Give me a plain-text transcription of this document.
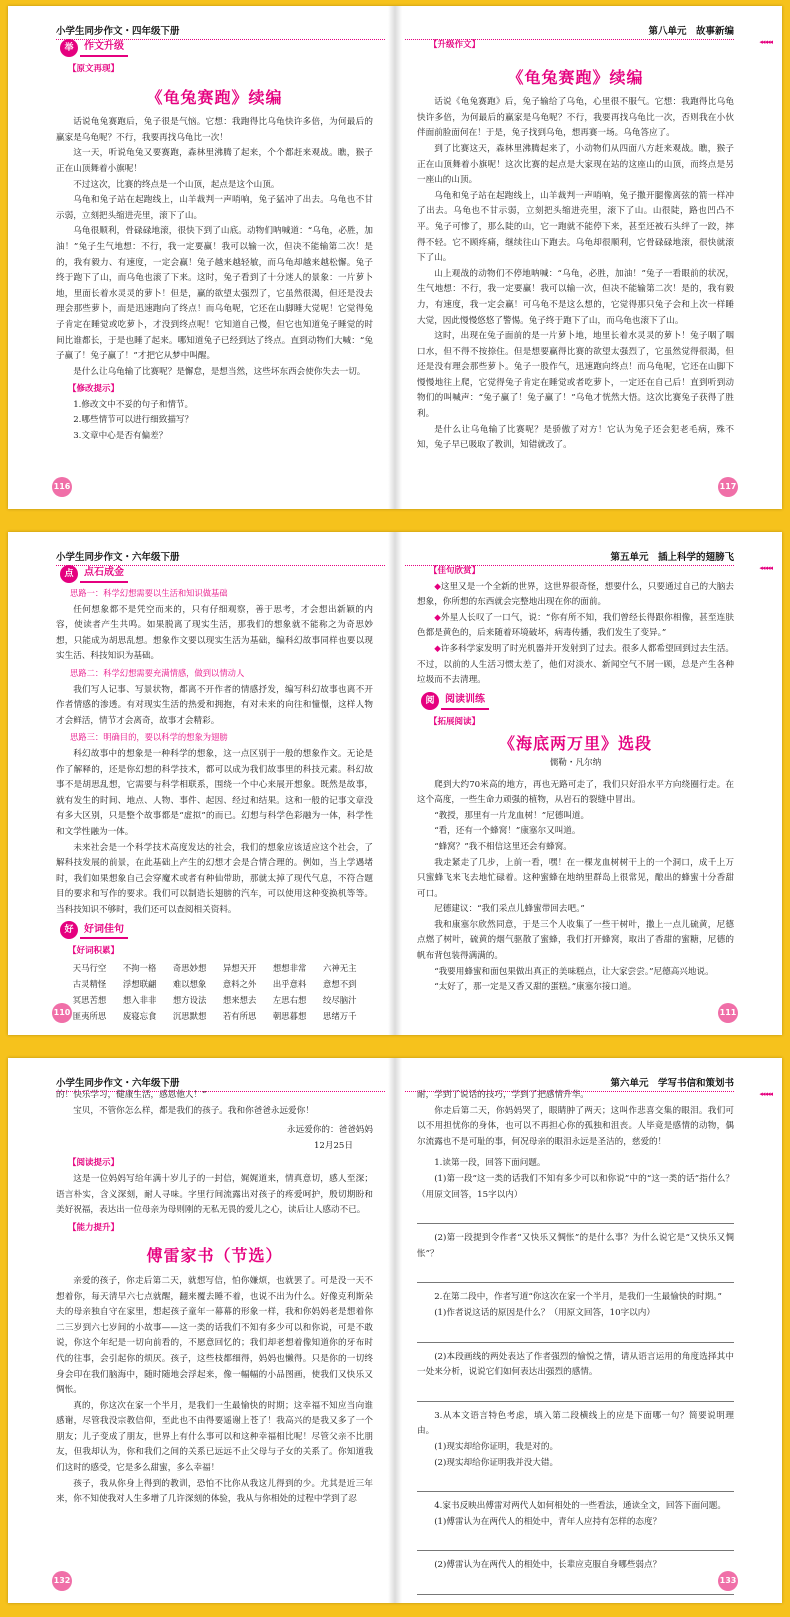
小学生同步作文・四年级下册
举	作文升级
【 原文再现 】
《龟兔赛跑》续编

话说龟兔赛跑后，兔子很是气恼。它想：我跑得比乌龟快许多倍，为何最后的赢家是乌龟呢？不行，我要再找乌龟比一次！

这一天，听说龟兔又要赛跑，森林里沸腾了起来，个个都赶来观战。瞧，猴子正在山顶舞着小旗呢！

不过这次，比赛的终点是一个山顶，起点是这个山顶。

乌龟和兔子站在起跑线上，山羊裁判一声哨响，兔子猛冲了出去。乌龟也不甘示弱，立刻把头缩进壳里，滚下了山。

乌龟很顺利，骨碌碌地滚，很快下到了山底。动物们呐喊道：“乌龟，必胜，加油！”兔子生气地想：不行，我一定要赢！我可以输一次，但决不能输第二次！是的，我有毅力、有速度，一定会赢！兔子越来越轻敏，而乌龟却越来越松懈。兔子终于跑下了山，而乌龟也滚了下来。这时，兔子看到了十分迷人的景象：一片萝卜地，里面长着水灵灵的萝卜！但是，赢的欲望太强烈了，它虽然很渴，但还是没去理会那些萝卜，而是迅速跑向了终点！而乌龟呢，它还在山脚睡大觉呢！它觉得兔子肯定在睡觉或吃萝卜，才没到终点呢！它知道自己慢，但它也知道兔子睡觉的时间比谁都长，于是也睡了起来。哪知道兔子已经到达了终点。直到动物们大喊：“兔子赢了！兔子赢了！”才把它从梦中叫醒。

是什么让乌龟输了比赛呢？是懈怠，是想当然，这些坏东西会使你失去一切。

【 修改提示 】
1.修改文中不妥的句子和情节。
2.哪些情节可以进行细致描写？
3.文章中心是否有偏差？
116
第八单元　故事新编
◂◂◂◂◂
【 升级作文 】
《龟兔赛跑》续编

话说《龟兔赛跑》后，兔子输给了乌龟，心里很不服气。它想：我跑得比乌龟快许多倍，为何最后的赢家是乌龟呢？不行，我要再找乌龟比一次，否则我在小伙伴面前脸面何在！于是，兔子找到乌龟，想再赛一场。乌龟答应了。

到了比赛这天，森林里沸腾起来了，小动物们从四面八方赶来观战。瞧，猴子正在山顶舞着小旗呢！这次比赛的起点是大家现在站的这座山的山顶，而终点是另一座山的山顶。

乌龟和兔子站在起跑线上，山羊裁判一声哨响，兔子撒开腿像离弦的箭一样冲了出去。乌龟也不甘示弱，立刻把头缩进壳里，滚下了山。山很陡，路也凹凸不平。兔子可惨了，那么陡的山，它一跑就不能停下来，甚至还被石头绊了一跤，摔得不轻。它不顾疼痛，继续往山下跑去。乌龟却很顺利，它骨碌碌地滚，很快就滚下了山。

山上观战的动物们不停地呐喊：“乌龟，必胜，加油！”兔子一看眼前的状况，生气地想：不行，我一定要赢！我可以输一次，但决不能输第二次！是的，我有毅力，有速度，我一定会赢！可乌龟不是这么想的，它觉得那只兔子会和上次一样睡大觉，因此慢慢悠悠了警惕。兔子终于跑下了山，而乌龟也滚下了山。

这时，出现在兔子面前的是一片萝卜地，地里长着水灵灵的萝卜！兔子咽了咽口水，但不得不按捺住。但是想要赢得比赛的欲望太强烈了，它虽然觉得很渴，但还是没有理会那些萝卜。兔子一股作气，迅速跑向终点！而乌龟呢，它还在山脚下慢慢地往上爬，它觉得兔子肯定在睡觉或者吃萝卜，一定还在自己后！直到听到动物们的叫喊声：“兔子赢了！兔子赢了！”乌龟才恍然大悟。这次比赛兔子获得了胜利。

是什么让乌龟输了比赛呢？是骄傲了对方！它认为兔子还会犯老毛病，殊不知，兔子早已吸取了教训，知错就改了。

117
小学生同步作文・六年级下册
点	点石成金
思路一：科学幻想需要以生活和知识做基础

任何想象都不是凭空而来的，只有仔细观察，善于思考，才会想出新颖的内容，使读者产生共鸣。如果脱离了现实生活，那我们的想象就不能称之为奇思妙想，只能成为胡思乱想。想象作文要以现实生活为基础，编科幻故事同样也要以现实生活、科技知识为基础。

思路二：科学幻想需要充满情感，做到以情动人

我们写人记事、写景状物，都离不开作者的情感抒发，编写科幻故事也离不开作者情感的渗透。有对现实生活的热爱和拥抱，有对未来的向往和憧憬，这样人物才会鲜活，情节才会离奇，故事才会精彩。

思路三：明确目的，要以科学的想象为翅膀

科幻故事中的想象是一种科学的想象，这一点区别于一般的想象作文。无论是作了解释的，还是你幻想的科学技术，都可以成为我们故事里的科技元素。科幻故事不是胡思乱想，它需要与科学相联系，围绕一个中心来展开想象。既然是故事，就有发生的时间、地点、人物、事件、起因、经过和结果。这和一般的记事文章没有多大区别，只是整个故事都是“虚拟”的而已。幻想与科学色彩融为一体，科学性和文学性融为一体。

未来社会是一个科学技术高度发达的社会，我们的想象应该适应这个社会，了解科技发展的前景，在此基础上产生的幻想才会是合情合理的。例如，当上学遇堵时，我们如果想象自己会穿魔术或者有种仙带助，那就太掉了现代气息，不符合题目的要求和写作的要求。我们可以制造长翅膀的汽车，可以使用这种变换机等等。当科技知识不够时，我们还可以查阅相关资料。

好	好词佳句
【 好词积累 】
天马行空	不拘一格	奇思妙想	异想天开	想想非常	六神无主
古灵精怪	浮想联翩	难以想象	意料之外	出乎意料	意想不到
冥思苦想	想入非非	想方设法	想来想去	左思右想	绞尽脑汁
匪夷所思	废寝忘食	沉思默想	若有所思	朝思暮想	思绪万千
110
第五单元　插上科学的翅膀飞
◂◂◂◂◂
【 佳句欣赏 】

◆这里又是一个全新的世界，这世界很奇怪，想要什么，只要通过自己的大脑去想象，你所想的东西就会完整地出现在你的面前。

◆外星人长叹了一口气，说：“你有所不知，我们曾经长得跟你相像，甚至连肤色都是黄色的，后来随着环境破坏，病毒传播，我们发生了变异。”

◆许多科学家发明了时光机器并开发射到了过去。很多人都希望回到过去生活。不过，以前的人生活习惯太差了，他们对淡水、新闻空气不屑一顾，总是产生各种垃圾而不去清理。

阅	阅读训练
【 拓展阅读 】
《海底两万里》选段
儒勒・凡尔纳

爬到大约70米高的地方，再也无路可走了，我们只好沿水平方向绕圈行走。在这个高度，一些生命力顽强的植物，从岩石的裂缝中冒出。

“教授，那里有一片龙血树！”尼德叫道。

“看，还有一个蜂窝！”康塞尔又叫道。

“蜂窝？”我不相信这里还会有蜂窝。

我走紧走了几步，上前一看，嘿！在一棵龙血树树干上的一个洞口，成千上万只蜜蜂飞来飞去地忙碌着。这种蜜蜂在地纳里群岛上很常见，酿出的蜂蜜十分香甜可口。

尼德建议：“我们采点儿蜂蜜带回去吧。”

我和康塞尔欣然同意，于是三个人收集了一些干树叶，撒上一点儿硫黄，尼德点燃了树叶，硫黄的烟气驱散了蜜蜂，我们打开蜂窝，取出了香甜的蜜糖，尼德的帆布背包装得满满的。

“我要用蜂蜜和面包果做出真正的美味糕点，让大家尝尝。”尼德高兴地说。

“太好了，那一定是又香又甜的蛋糕。”康塞尔接口道。

111
小学生同步作文・六年级下册

的！快乐学习，健康生活，感恩他人！”

宝贝，不管你怎么样，都是我们的孩子。我和你爸爸永远爱你！

永远爱你的：爸爸妈妈

12月25日

【 阅读提示 】

这是一位妈妈写给年满十岁儿子的一封信，娓娓道来，情真意切，感人至深；语言朴实，含义深刻，耐人寻味。字里行间流露出对孩子的疼爱呵护，殷切期盼和美好祝福，表达出一位母亲为母则刚的无私无畏的爱儿之心，读后让人感动不已。

【 能力提升 】
傅雷家书（节选）

亲爱的孩子，你走后第二天，就想写信，怕你嫌烦，也就罢了。可是没一天不想着你，每天清早六七点就醒，翻来覆去睡不着，也说不出为什么。好像克利斯朵夫的母亲独自守在家里，想起孩子童年一幕幕的形象一样，我和你妈妈老是想着你二三岁到六七岁间的小故事——这一类的话我们不知有多少可以和你说，可是不敢说，你这个年纪是一切向前看的，不愿意回忆的；我们却老想着像知道你的牙布时代的往事，会引起你的烦厌。孩子，这些枝都细得，妈妈也懒得。只是你的一切终身会印在我们脑海中，随时随地会浮起来，像一幅幅的小品图画，使我们又快乐又惆怅。

真的，你这次在家一个半月，是我们一生最愉快的时期；这幸福不知应当向谁感谢，尽管我没宗教信仰，至此也不由得要遥谢上苍了！我高兴的是我又多了一个朋友；儿子变成了朋友，世界上有什么事可以和这种幸福相比呢！尽管父亲不比朋友，但我却认为，你和我们之间的关系已远远不止父母与子女的关系了。你知道我们这时的感受，它是多么甜蜜，多么幸福！

孩子，我从你身上得到的教训，恐怕不比你从我这儿得到的少。尤其是近三年来，你不知使我对人生多增了几许深刻的体验，我从与你相处的过程中学到了忍

132
第六单元　学写书信和策划书
◂◂◂◂◂

耐，学到了说话的技巧，学到了把感情升华。

你走后第二天，你妈妈哭了，眼睛肿了两天；这叫作悲喜交集的眼泪。我们可以不用担忧你的身体，也可以不再担心你的孤独和沮丧。人毕竟是感情的动物，偶尔流露也不是可耻的事，何况母亲的眼泪永远是圣洁的，慈爱的！

1.读第一段，回答下面问题。

(1)第一段“这一类的话我们不知有多少可以和你说”中的“这一类的话”指什么？（用原文回答，15字以内）

(2)第一段提到令作者“又快乐又惆怅”的是什么事？为什么说它是“又快乐又惆怅”？

2.在第二段中，作者写道“你这次在家一个半月，是我们一生最愉快的时期。”

(1)作者说这话的原因是什么？（用原文回答，10字以内）

(2)本段画线的两处表达了作者强烈的愉悦之情，请从语言运用的角度选择其中一处来分析，说说它们如何表达出强烈的感情。

3.从本文语言特色考虑，填入第二段横线上的应是下面哪一句？简要说明理由。

(1)现实却给你证明，我是对的。

(2)现实却给你证明我并没大错。

4.家书反映出傅雷对两代人如何相处的一些看法，通读全文，回答下面问题。

(1)傅雷认为在两代人的相处中，青年人应持有怎样的态度？

(2)傅雷认为在两代人的相处中，长辈应克服自身哪些弱点？

133
